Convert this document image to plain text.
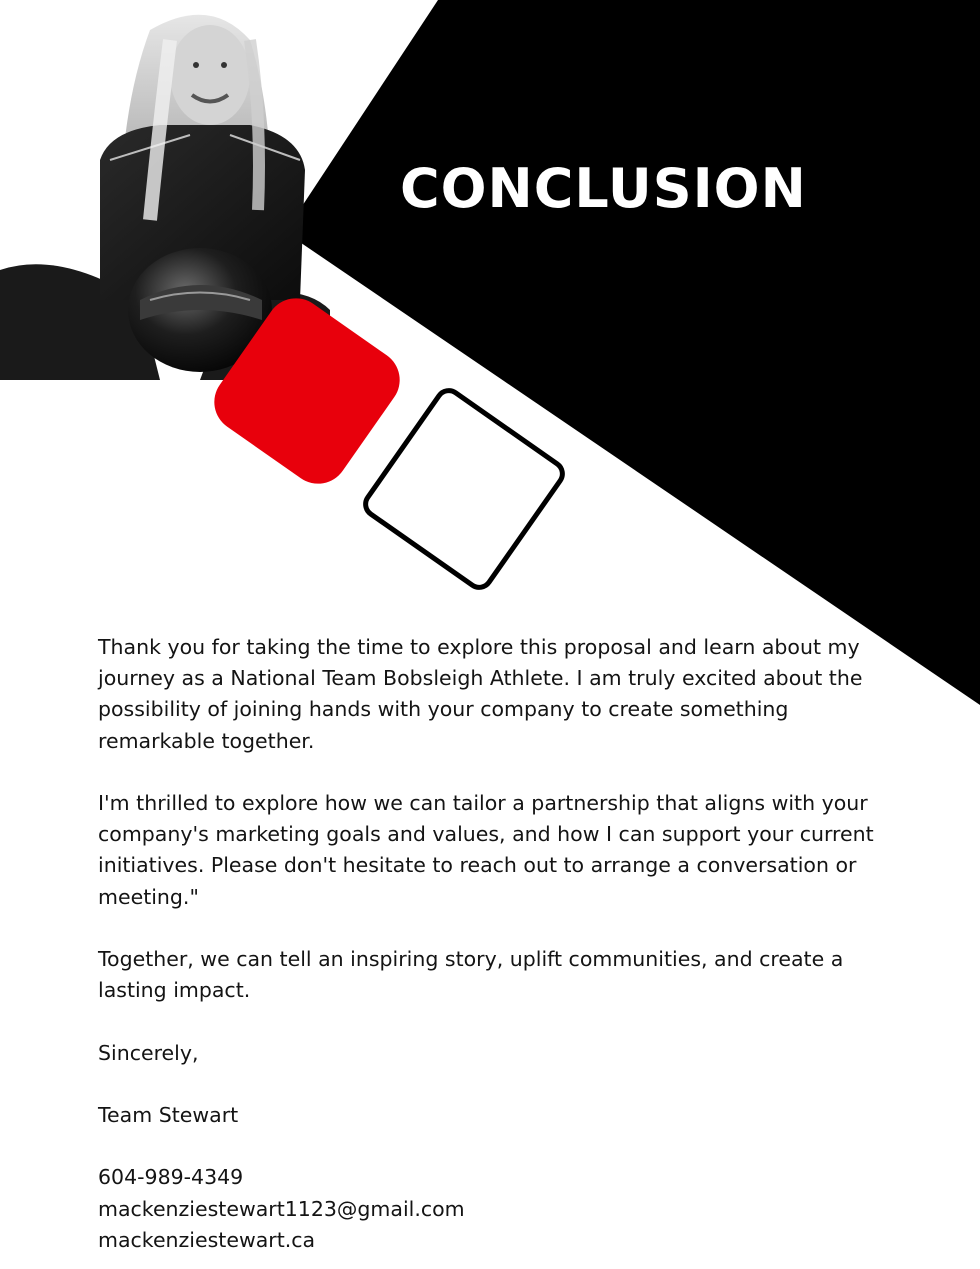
CONCLUSION

Thank you for taking the time to explore this proposal and learn about my journey as a National Team Bobsleigh Athlete. I am truly excited about the possibility of joining hands with your company to create something remarkable together.

I'm thrilled to explore how we can tailor a partnership that aligns with your company's marketing goals and values, and how I can support your current initiatives. Please don't hesitate to reach out to arrange a conversation or meeting."

Together, we can tell an inspiring story, uplift communities, and create a lasting impact.

Sincerely,

Team Stewart

604-989-4349
mackenziestewart1123@gmail.com
mackenziestewart.ca
